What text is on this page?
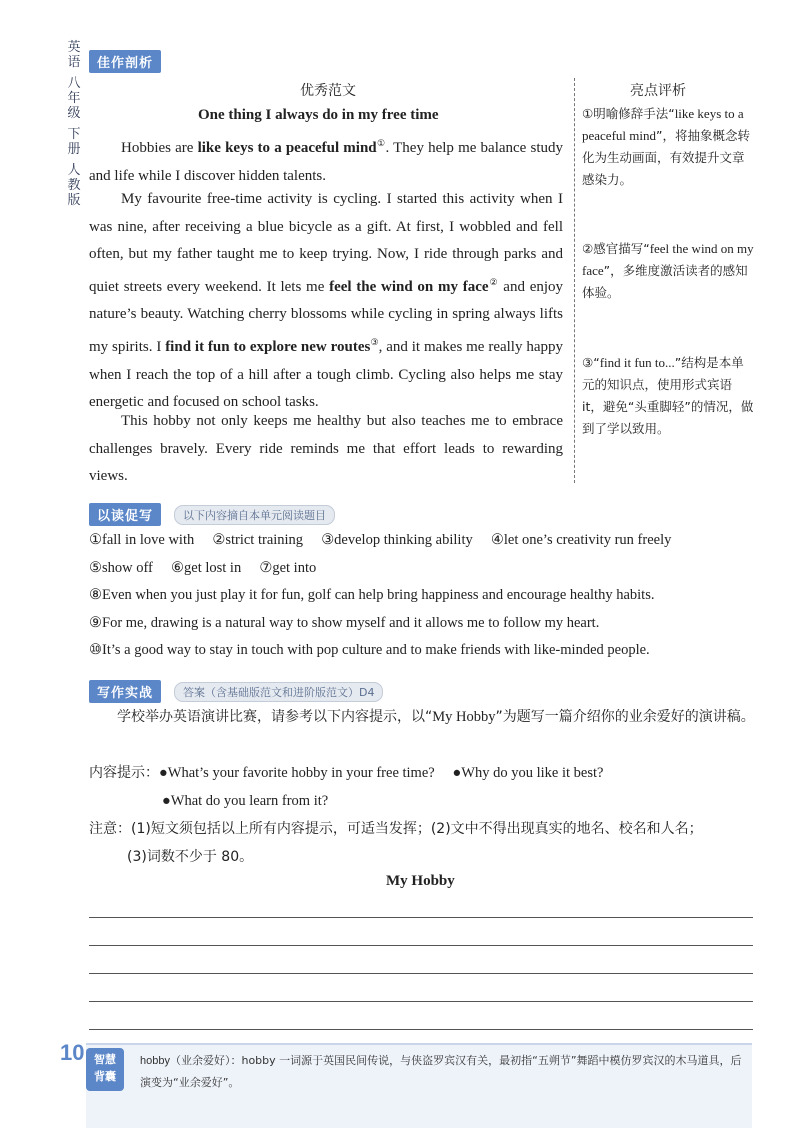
英语
八年级
下册
人教版
佳作剖析
优秀范文	亮点评析
One thing I always do in my free time
Hobbies are like keys to a peaceful mind①. They help me balance study and life while I discover hidden talents.
My favourite free-time activity is cycling. I started this activity when I was nine, after receiving a blue bicycle as a gift. At first, I wobbled and fell often, but my father taught me to keep trying. Now, I ride through parks and quiet streets every weekend. It lets me feel the wind on my face② and enjoy nature’s beauty. Watching cherry blossoms while cycling in spring always lifts my spirits. I find it fun to explore new routes③, and it makes me really happy when I reach the top of a hill after a tough climb. Cycling also helps me stay energetic and focused on school tasks.
This hobby not only keeps me healthy but also teaches me to embrace challenges bravely. Every ride reminds me that effort leads to rewarding views.
①明喻修辞手法“like keys to a peaceful mind”，将抽象概念转化为生动画面，有效提升文章感染力。
②感官描写“feel the wind on my face”，多维度激活读者的感知体验。
③“find it fun to...”结构是本单元的知识点，使用形式宾语 it，避免“头重脚轻”的情况，做到了学以致用。
以读促写	以下内容摘自本单元阅读题目
①fall in love with ②strict training ③develop thinking ability ④let one’s creativity run freely
⑤show off ⑥get lost in ⑦get into
⑧Even when you just play it for fun, golf can help bring happiness and encourage healthy habits.
⑨For me, drawing is a natural way to show myself and it allows me to follow my heart.
⑩It’s a good way to stay in touch with pop culture and to make friends with like-minded people.
写作实战	答案（含基础版范文和进阶版范文）D4
学校举办英语演讲比赛，请参考以下内容提示，以“My Hobby”为题写一篇介绍你的业余爱好的演讲稿。
内容提示：●What’s your favorite hobby in your free time? ●Why do you like it best?
●What do you learn from it?
注意：(1)短文须包括以上所有内容提示，可适当发挥；(2)文中不得出现真实的地名、校名和人名；
(3)词数不少于 80。
My Hobby
10 智慧
背囊
hobby（业余爱好）：hobby 一词源于英国民间传说，与侠盗罗宾汉有关，最初指“五朔节”舞蹈中模仿罗宾汉的木马道具，后演变为“业余爱好”。
